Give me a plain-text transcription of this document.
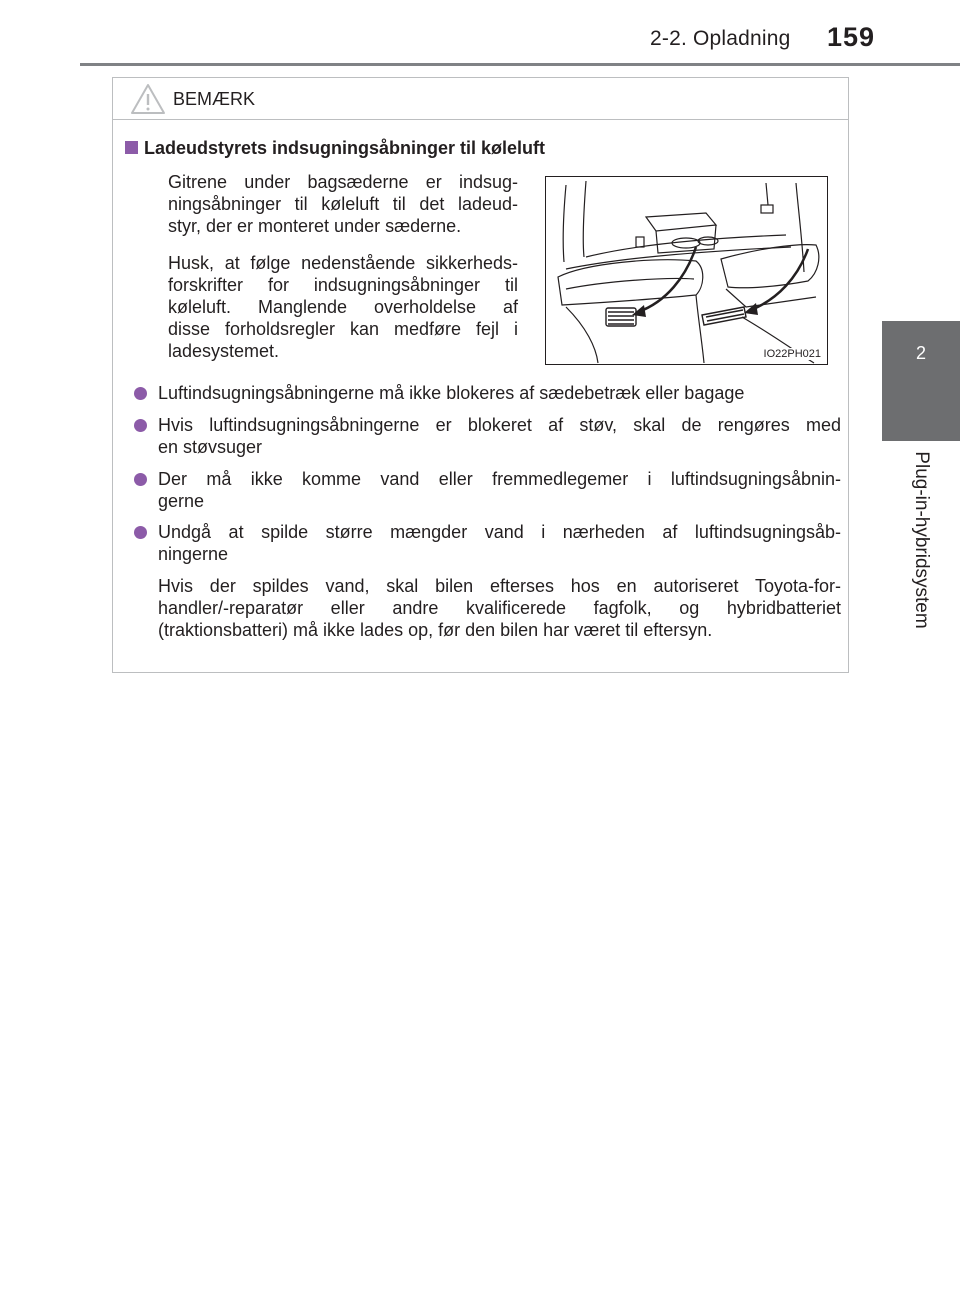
2-2. Opladning 159
2
Plug-in-hybridsystem
BEMÆRK
Ladeudstyrets indsugningsåbninger til køleluft
Gitrene under bagsæderne er indsug-
ningsåbninger til køleluft til det ladeud-
styr, der er monteret under sæderne.
Husk, at følge nedenstående sikkerheds-
forskrifter for indsugningsåbninger til
køleluft. Manglende overholdelse af
disse forholdsregler kan medføre fejl i
ladesystemet.	IO22PH021
Luftindsugningsåbningerne må ikke blokeres af sædebetræk eller bagage
Hvis luftindsugningsåbningerne er blokeret af støv, skal de rengøres med
en støvsuger
Der må ikke komme vand eller fremmedlegemer i luftindsugningsåbnin-
gerne
Undgå at spilde større mængder vand i nærheden af luftindsugningsåb-
ningerne
Hvis der spildes vand, skal bilen efterses hos en autoriseret Toyota-for-
handler/-reparatør eller andre kvalificerede fagfolk, og hybridbatteriet
(traktionsbatteri) må ikke lades op, før den bilen har været til eftersyn.
